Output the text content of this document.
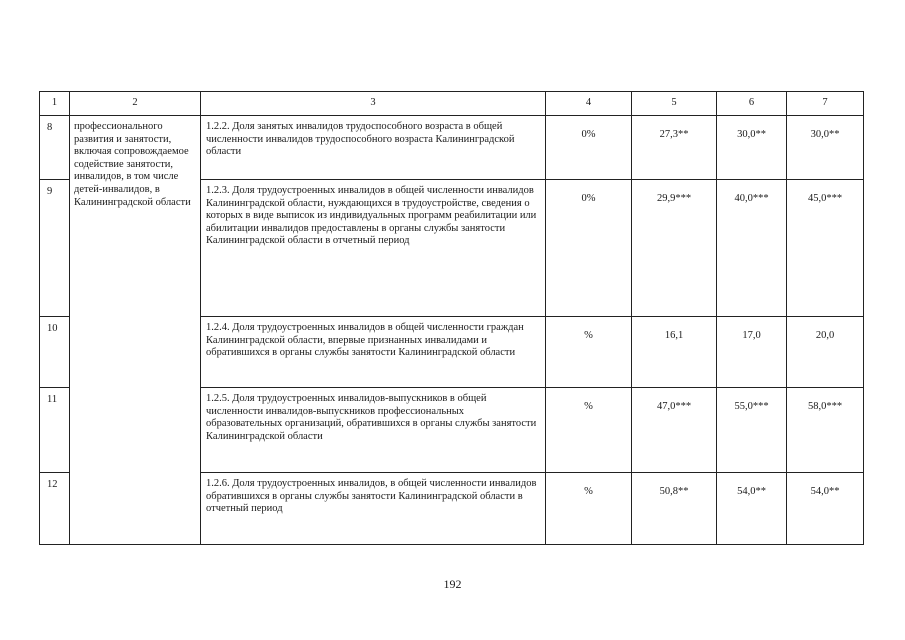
1	2	3	4	5	6	7
8	профессионального развития и занятости, включая сопровождаемое содействие занятости, инвалидов, в том числе детей-инвалидов, в Калининградской области	1.2.2. Доля занятых инвалидов трудоспособного возраста в общей численности инвалидов трудоспособного возраста Калининградской области	0%	27,3**	30,0**	30,0**
9		1.2.3. Доля трудоустроенных инвалидов в общей численности инвалидов Калининградской области, нуждающихся в трудоустройстве, сведения о которых в виде выписок из индивидуальных программ реабилитации или абилитации инвалидов предоставлены в органы службы занятости Калининградской области в отчетный период	0%	29,9***	40,0***	45,0***
10		1.2.4. Доля трудоустроенных инвалидов в общей численности граждан Калининградской области, впервые признанных инвалидами и обратившихся в органы службы занятости Калининградской области	%	16,1	17,0	20,0
11		1.2.5. Доля трудоустроенных инвалидов-выпускников в общей численности инвалидов-выпускников профессиональных образовательных организаций, обратившихся в органы службы занятости Калининградской области	%	47,0***	55,0***	58,0***
12		1.2.6. Доля трудоустроенных инвалидов, в общей численности инвалидов обратившихся в органы службы занятости Калининградской области в отчетный период	%	50,8**	54,0**	54,0**
192
